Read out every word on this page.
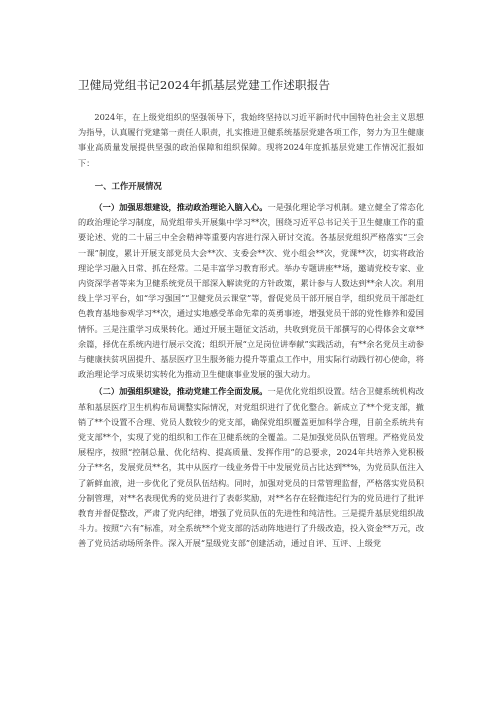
卫健局党组书记2024年抓基层党建工作述职报告

2024年，在上级党组织的坚强领导下，我始终坚持以习近平新时代中国特色社会主义思想为指导，认真履行党建第一责任人职责，扎实推进卫健系统基层党建各项工作，努力为卫生健康事业高质量发展提供坚强的政治保障和组织保障。现将2024年度抓基层党建工作情况汇报如下：

一、工作开展情况

（一）加强思想建设，推动政治理论入脑入心。一是强化理论学习机制。建立健全了常态化的政治理论学习制度，局党组带头开展集中学习**次，围绕习近平总书记关于卫生健康工作的重要论述、党的二十届三中全会精神等重要内容进行深入研讨交流。各基层党组织严格落实“三会一课”制度，累计开展支部党员大会**次、支委会**次、党小组会**次，党课**次，切实将政治理论学习融入日常、抓在经常。二是丰富学习教育形式。举办专题讲座**场，邀请党校专家、业内资深学者等来为卫健系统党员干部深入解读党的方针政策，累计参与人数达到**余人次。利用线上学习平台，如“学习强国”“卫健党员云课堂”等，督促党员干部开展自学，组织党员干部赴红色教育基地参观学习**次，通过实地感受革命先辈的英勇事迹，增强党员干部的党性修养和爱国情怀。三是注重学习成果转化。通过开展主题征文活动，共收到党员干部撰写的心得体会文章**余篇，择优在系统内进行展示交流；组织开展“立足岗位讲奉献”实践活动，有**余名党员主动参与健康扶贫巩固提升、基层医疗卫生服务能力提升等重点工作中，用实际行动践行初心使命，将政治理论学习成果切实转化为推动卫生健康事业发展的强大动力。

（二）加强组织建设，推动党建工作全面发展。一是优化党组织设置。结合卫健系统机构改革和基层医疗卫生机构布局调整实际情况，对党组织进行了优化整合。新成立了**个党支部，撤销了**个设置不合理、党员人数较少的党支部，确保党组织覆盖更加科学合理，目前全系统共有党支部**个，实现了党的组织和工作在卫健系统的全覆盖。二是加强党员队伍管理。严格党员发展程序，按照“控制总量、优化结构、提高质量、发挥作用”的总要求，2024年共培养入党积极分子**名，发展党员**名，其中从医疗一线业务骨干中发展党员占比达到**%，为党员队伍注入了新鲜血液，进一步优化了党员队伍结构。同时，加强对党员的日常管理监督，严格落实党员积分制管理，对**名表现优秀的党员进行了表彰奖励，对**名存在轻微违纪行为的党员进行了批评教育并督促整改，严肃了党内纪律，增强了党员队伍的先进性和纯洁性。三是提升基层党组织战斗力。按照“六有”标准，对全系统**个党支部的活动阵地进行了升级改造，投入资金**万元，改善了党员活动场所条件。深入开展“星级党支部”创建活动，通过自评、互评、上级党
